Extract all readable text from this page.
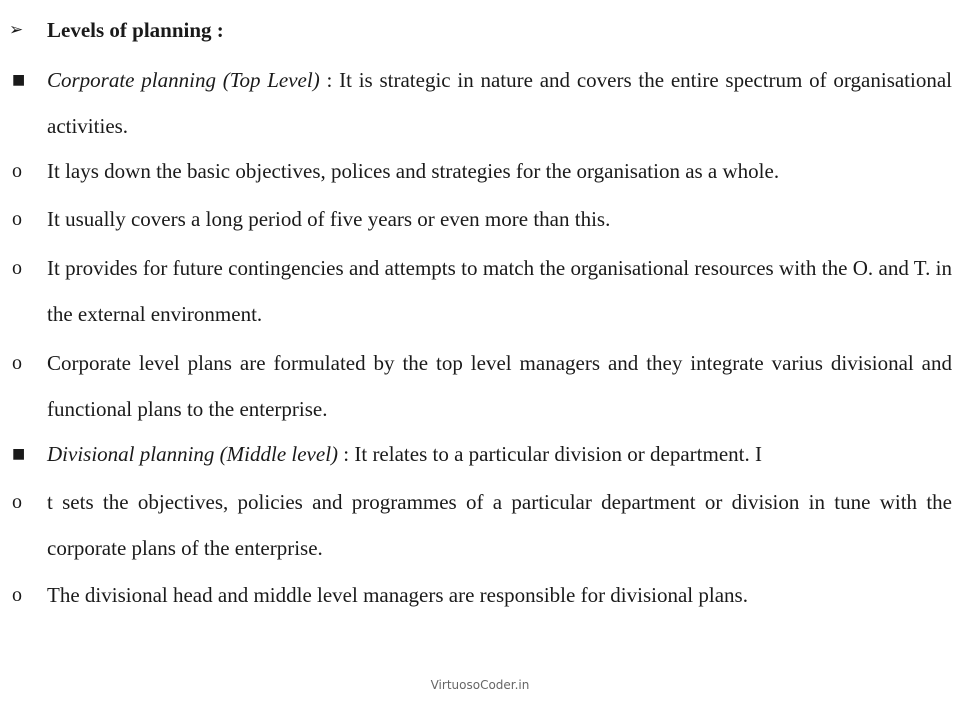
➢	Levels of planning :
■	Corporate planning (Top Level) : It is strategic in nature and covers the entire spectrum of organisational activities.
o	It lays down the basic objectives, polices and strategies for the organisation as a whole.
o	It usually covers a long period of five years or even more than this.
o	It provides for future contingencies and attempts to match the organisational resources with the O. and T. in the external environment.
o	Corporate level plans are formulated by the top level managers and they integrate varius divisional and functional plans to the enterprise.
■	Divisional planning (Middle level) : It relates to a particular division or department. I
o	t sets the objectives, policies and programmes of a particular department or division in tune with the corporate plans of the enterprise.
o	The divisional head and middle level managers are responsible for divisional plans.
VirtuosoCoder.in
